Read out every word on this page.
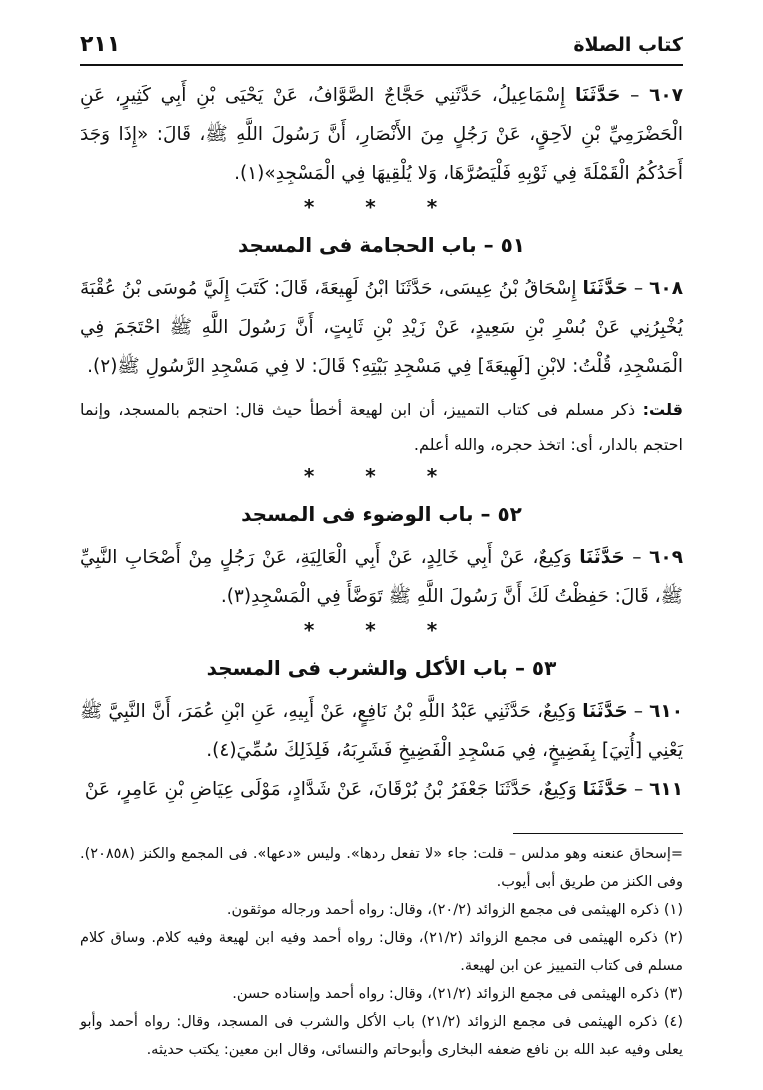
كتاب الصلاة
٢١١

٦٠٧ – حَدَّثَنَا إِسْمَاعِيلُ، حَدَّثَنِي حَجَّاجٌ الصَّوَّافُ، عَنْ يَحْيَى بْنِ أَبِي كَثِيرٍ، عَنِ الْحَضْرَمِيِّ بْنِ لاَحِقٍ، عَنْ رَجُلٍ مِنَ الأَنْصَارِ، أَنَّ رَسُولَ اللَّهِ ﷺ، قَالَ: «إِذَا وَجَدَ أَحَدُكُمُ الْقَمْلَةَ فِي ثَوْبِهِ فَلْيَصُرَّهَا، وَلا يُلْقِيهَا فِي الْمَسْجِدِ»(١).

* * *
٥١ – باب الحجامة فى المسجد

٦٠٨ – حَدَّثَنَا إِسْحَاقُ بْنُ عِيسَى، حَدَّثَنَا ابْنُ لَهِيعَةَ، قَالَ: كَتَبَ إِلَيَّ مُوسَى بْنُ عُقْبَةَ يُخْبِرُنِي عَنْ بُسْرِ بْنِ سَعِيدٍ، عَنْ زَيْدِ بْنِ ثَابِتٍ، أَنَّ رَسُولَ اللَّهِ ﷺ احْتَجَمَ فِي الْمَسْجِدِ، قُلْتُ: لابْنِ [لَهِيعَةَ] فِي مَسْجِدِ بَيْتِهِ؟ قَالَ: لا فِي مَسْجِدِ الرَّسُولِ ﷺ(٢).

قلت: ذكر مسلم فى كتاب التمييز، أن ابن لهيعة أخطأ حيث قال: احتجم بالمسجد، وإنما احتجم بالدار، أى: اتخذ حجره، والله أعلم.

* * *
٥٢ – باب الوضوء فى المسجد

٦٠٩ – حَدَّثَنَا وَكِيعٌ، عَنْ أَبِي خَالِدٍ، عَنْ أَبِي الْعَالِيَةِ، عَنْ رَجُلٍ مِنْ أَصْحَابِ النَّبِيِّ ﷺ، قَالَ: حَفِظْتُ لَكَ أَنَّ رَسُولَ اللَّهِ ﷺ تَوَضَّأَ فِي الْمَسْجِدِ(٣).

* * *
٥٣ – باب الأكل والشرب فى المسجد

٦١٠ – حَدَّثَنَا وَكِيعٌ، حَدَّثَنِي عَبْدُ اللَّهِ بْنُ نَافِعٍ، عَنْ أَبِيهِ، عَنِ ابْنِ عُمَرَ، أَنَّ النَّبِيَّ ﷺ يَعْنِي [أُتِيَ] بِفَضِيخٍ، فِي مَسْجِدِ الْفَضِيخِ فَشَرِبَهُ، فَلِذَلِكَ سُمِّيَ(٤).

٦١١ – حَدَّثَنَا وَكِيعٌ، حَدَّثَنَا جَعْفَرُ بْنُ بُرْقَانَ، عَنْ شَدَّادٍ، مَوْلَى عِيَاضِ بْنِ عَامِرٍ، عَنْ

=إسحاق عنعنه وهو مدلس – قلت: جاء «لا تفعل ردها». وليس «دعها». فى المجمع والكنز (٢٠٨٥٨). وفى الكنز من طريق أبى أيوب.

(١) ذكره الهيثمى فى مجمع الزوائد (٢٠/٢)، وقال: رواه أحمد ورجاله موثقون.

(٢) ذكره الهيثمى فى مجمع الزوائد (٢١/٢)، وقال: رواه أحمد وفيه ابن لهيعة وفيه كلام. وساق كلام مسلم فى كتاب التمييز عن ابن لهيعة.

(٣) ذكره الهيثمى فى مجمع الزوائد (٢١/٢)، وقال: رواه أحمد وإسناده حسن.

(٤) ذكره الهيثمى فى مجمع الزوائد (٢١/٢) باب الأكل والشرب فى المسجد، وقال: رواه أحمد وأبو يعلى وفيه عبد الله بن نافع ضعفه البخارى وأبوحاتم والنسائى، وقال ابن معين: يكتب حديثه.
